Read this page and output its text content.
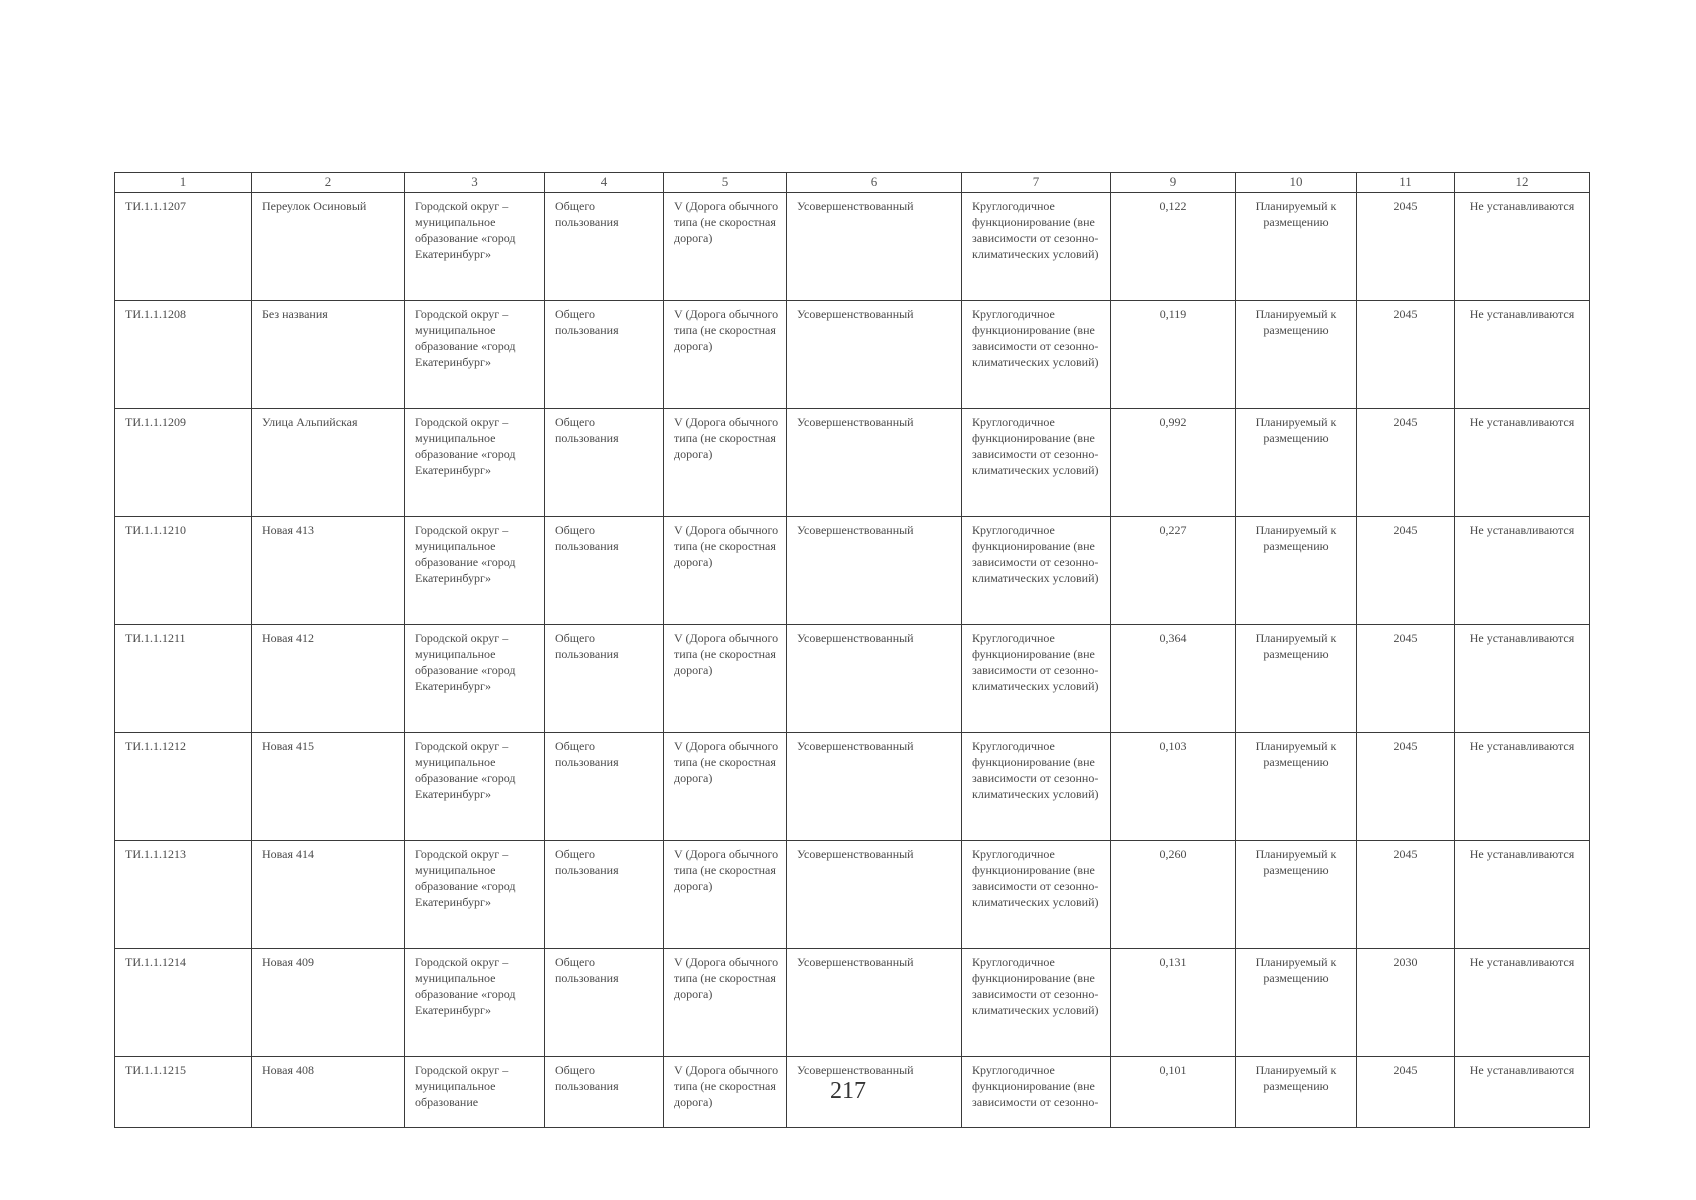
1	2	3	4	5	6	7	9	10	11	12
ТИ.1.1.1207	Переулок Осиновый	Городской округ – муниципальное образование «город Екатеринбург»	Общего пользования	V (Дорога обычного типа (не скоростная дорога)	Усовершенствованный	Круглогодичное функционирование (вне зависимости от сезонно-климатических условий)	0,122	Планируемый к размещению	2045	Не устанавливаются
ТИ.1.1.1208	Без названия	Городской округ – муниципальное образование «город Екатеринбург»	Общего пользования	V (Дорога обычного типа (не скоростная дорога)	Усовершенствованный	Круглогодичное функционирование (вне зависимости от сезонно-климатических условий)	0,119	Планируемый к размещению	2045	Не устанавливаются
ТИ.1.1.1209	Улица Альпийская	Городской округ – муниципальное образование «город Екатеринбург»	Общего пользования	V (Дорога обычного типа (не скоростная дорога)	Усовершенствованный	Круглогодичное функционирование (вне зависимости от сезонно-климатических условий)	0,992	Планируемый к размещению	2045	Не устанавливаются
ТИ.1.1.1210	Новая 413	Городской округ – муниципальное образование «город Екатеринбург»	Общего пользования	V (Дорога обычного типа (не скоростная дорога)	Усовершенствованный	Круглогодичное функционирование (вне зависимости от сезонно-климатических условий)	0,227	Планируемый к размещению	2045	Не устанавливаются
ТИ.1.1.1211	Новая 412	Городской округ – муниципальное образование «город Екатеринбург»	Общего пользования	V (Дорога обычного типа (не скоростная дорога)	Усовершенствованный	Круглогодичное функционирование (вне зависимости от сезонно-климатических условий)	0,364	Планируемый к размещению	2045	Не устанавливаются
ТИ.1.1.1212	Новая 415	Городской округ – муниципальное образование «город Екатеринбург»	Общего пользования	V (Дорога обычного типа (не скоростная дорога)	Усовершенствованный	Круглогодичное функционирование (вне зависимости от сезонно-климатических условий)	0,103	Планируемый к размещению	2045	Не устанавливаются
ТИ.1.1.1213	Новая 414	Городской округ – муниципальное образование «город Екатеринбург»	Общего пользования	V (Дорога обычного типа (не скоростная дорога)	Усовершенствованный	Круглогодичное функционирование (вне зависимости от сезонно-климатических условий)	0,260	Планируемый к размещению	2045	Не устанавливаются
ТИ.1.1.1214	Новая 409	Городской округ – муниципальное образование «город Екатеринбург»	Общего пользования	V (Дорога обычного типа (не скоростная дорога)	Усовершенствованный	Круглогодичное функционирование (вне зависимости от сезонно-климатических условий)	0,131	Планируемый к размещению	2030	Не устанавливаются
ТИ.1.1.1215	Новая 408	Городской округ – муниципальное образование	Общего пользования	V (Дорога обычного типа (не скоростная дорога)	Усовершенствованный	Круглогодичное функционирование (вне зависимости от сезонно-	0,101	Планируемый к размещению	2045	Не устанавливаются
217
